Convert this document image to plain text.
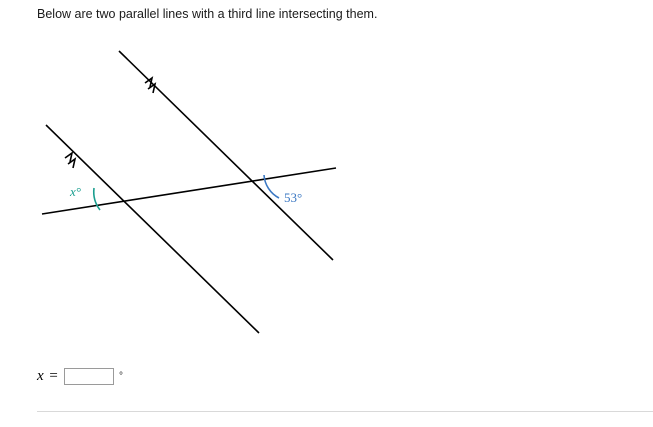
Below are two parallel lines with a third line intersecting them.
x°	53°
x =	°
